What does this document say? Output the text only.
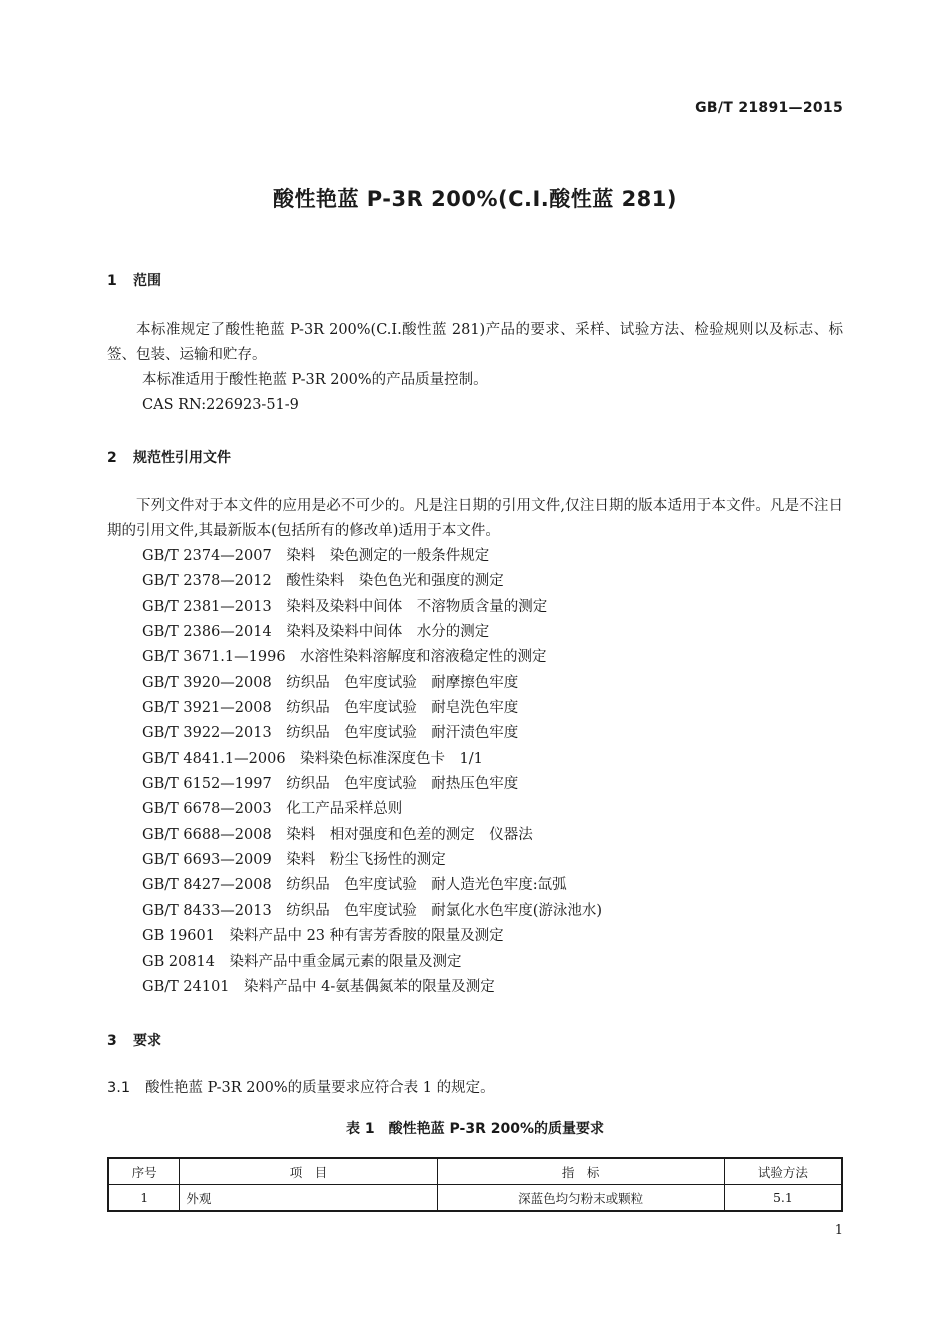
GB/T 21891—2015
酸性艳蓝 P-3R 200%(C.I.酸性蓝 281)
1 范围

本标准规定了酸性艳蓝 P-3R 200%(C.I.酸性蓝 281)产品的要求、采样、试验方法、检验规则以及标志、标签、包装、运输和贮存。

本标准适用于酸性艳蓝 P-3R 200%的产品质量控制。
CAS RN:226923-51-9
2 规范性引用文件

下列文件对于本文件的应用是必不可少的。凡是注日期的引用文件,仅注日期的版本适用于本文件。凡是不注日期的引用文件,其最新版本(包括所有的修改单)适用于本文件。

GB/T 2374—2007　染料　染色测定的一般条件规定
GB/T 2378—2012　酸性染料　染色色光和强度的测定
GB/T 2381—2013　染料及染料中间体　不溶物质含量的测定
GB/T 2386—2014　染料及染料中间体　水分的测定
GB/T 3671.1—1996　水溶性染料溶解度和溶液稳定性的测定
GB/T 3920—2008　纺织品　色牢度试验　耐摩擦色牢度
GB/T 3921—2008　纺织品　色牢度试验　耐皂洗色牢度
GB/T 3922—2013　纺织品　色牢度试验　耐汗渍色牢度
GB/T 4841.1—2006　染料染色标准深度色卡　1/1
GB/T 6152—1997　纺织品　色牢度试验　耐热压色牢度
GB/T 6678—2003　化工产品采样总则
GB/T 6688—2008　染料　相对强度和色差的测定　仪器法
GB/T 6693—2009　染料　粉尘飞扬性的测定
GB/T 8427—2008　纺织品　色牢度试验　耐人造光色牢度:氙弧
GB/T 8433—2013　纺织品　色牢度试验　耐氯化水色牢度(游泳池水)
GB 19601　染料产品中 23 种有害芳香胺的限量及测定
GB 20814　染料产品中重金属元素的限量及测定
GB/T 24101　染料产品中 4-氨基偶氮苯的限量及测定
3 要求
3.1 酸性艳蓝 P-3R 200%的质量要求应符合表 1 的规定。
表 1　酸性艳蓝 P-3R 200%的质量要求
序号	项　目	指　标	试验方法
1	外观	深蓝色均匀粉末或颗粒	5.1
1
